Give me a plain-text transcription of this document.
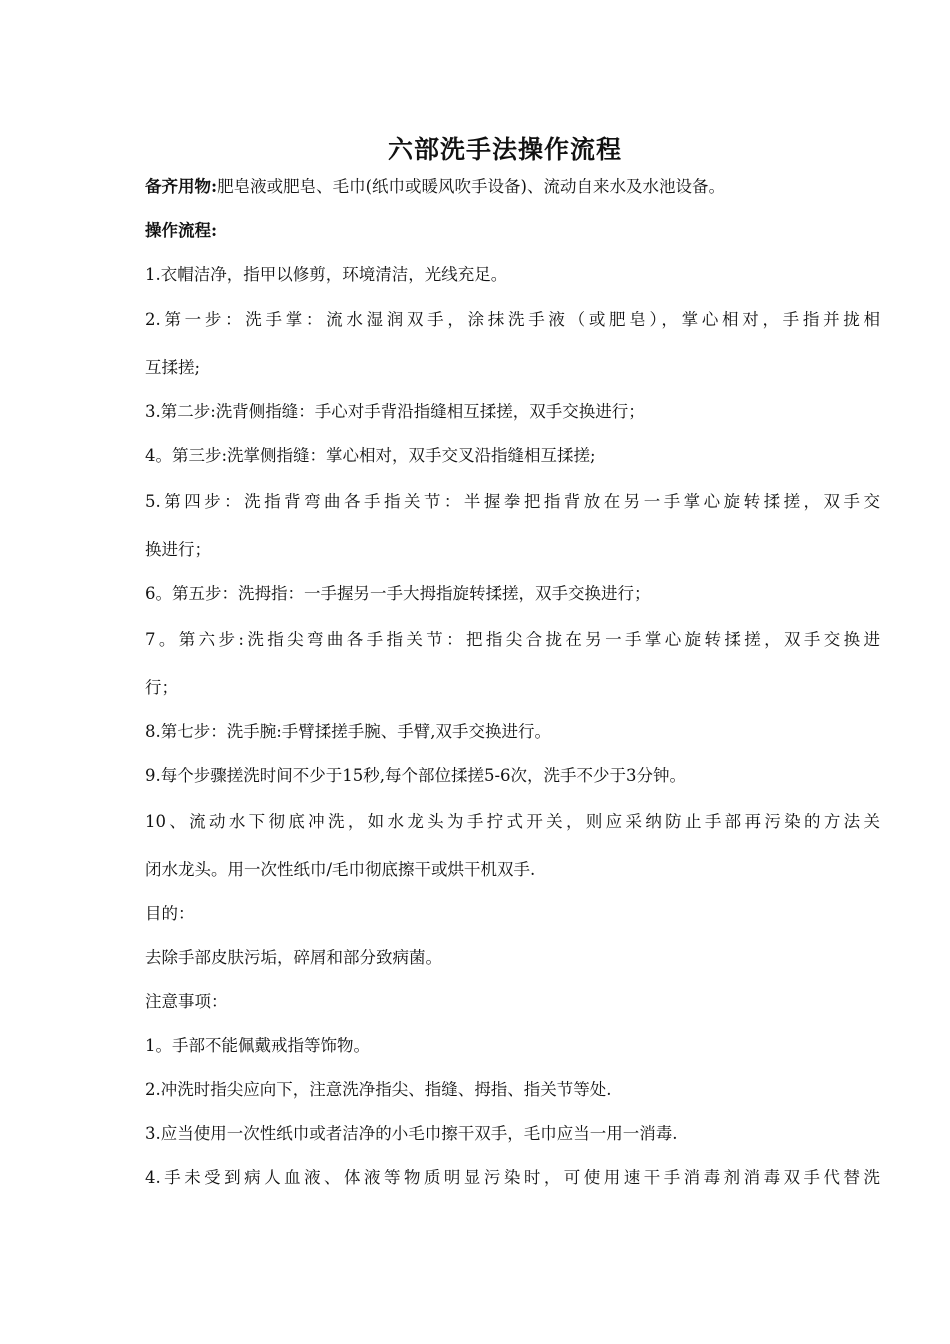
六部洗手法操作流程
备齐用物:肥皂液或肥皂、毛巾(纸巾或暖风吹手设备)、流动自来水及水池设备。
操作流程:
1.衣帽洁净，指甲以修剪，环境清洁，光线充足。
2.第一步：洗手掌：流水湿润双手，涂抹洗手液（或肥皂），掌心相对，手指并拢相
互揉搓;
3.第二步:洗背侧指缝：手心对手背沿指缝相互揉搓，双手交换进行；
4。第三步:洗掌侧指缝：掌心相对，双手交叉沿指缝相互揉搓;
5.第四步：洗指背弯曲各手指关节：半握拳把指背放在另一手掌心旋转揉搓，双手交
换进行；
6。第五步：洗拇指：一手握另一手大拇指旋转揉搓，双手交换进行；
7。第六步:洗指尖弯曲各手指关节：把指尖合拢在另一手掌心旋转揉搓，双手交换进
行；
8.第七步：洗手腕:手臂揉搓手腕、手臂,双手交换进行。
9.每个步骤搓洗时间不少于15秒,每个部位揉搓5-6次，洗手不少于3分钟。
10、流动水下彻底冲洗，如水龙头为手拧式开关，则应采纳防止手部再污染的方法关
闭水龙头。用一次性纸巾/毛巾彻底擦干或烘干机双手.
目的：
去除手部皮肤污垢，碎屑和部分致病菌。
注意事项：
1。手部不能佩戴戒指等饰物。
2.冲洗时指尖应向下，注意洗净指尖、指缝、拇指、指关节等处.
3.应当使用一次性纸巾或者洁净的小毛巾擦干双手，毛巾应当一用一消毒.
4.手未受到病人血液、体液等物质明显污染时，可使用速干手消毒剂消毒双手代替洗
